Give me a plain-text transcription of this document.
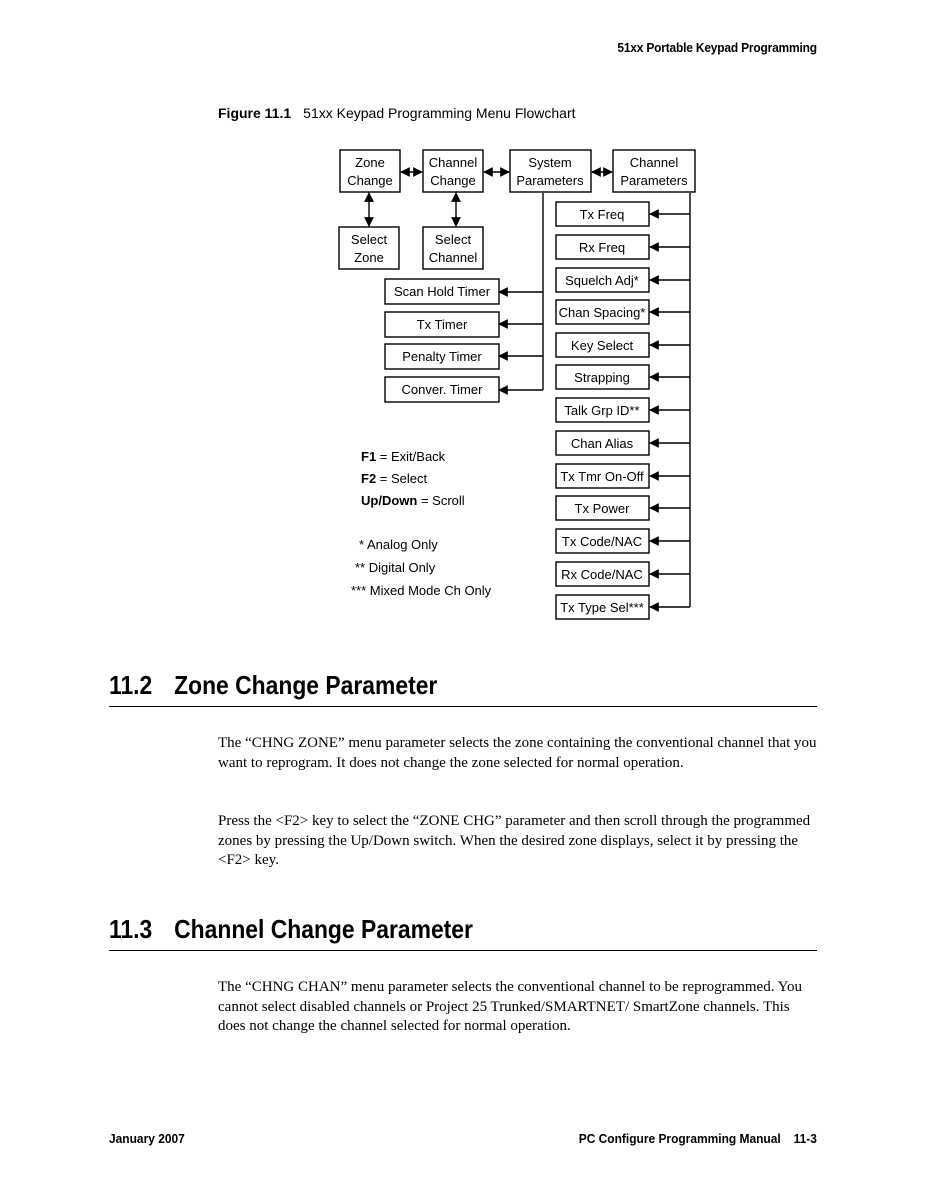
51xx Portable Keypad Programming
Figure 11.1 51xx Keypad Programming Menu Flowchart
Zone
Change
Channel
Change
System
Parameters
Channel
Parameters
Select
Zone
Select
Channel
Scan Hold Timer
Tx Timer
Penalty Timer
Conver. Timer
Tx Freq
Rx Freq
Squelch Adj*
Chan Spacing*
Key Select
Strapping
Talk Grp ID**
Chan Alias
Tx Tmr On-Off
Tx Power
Tx Code/NAC
Rx Code/NAC
Tx Type Sel***
F1 = Exit/Back
F2 = Select
Up/Down = Scroll
* Analog Only
** Digital Only
*** Mixed Mode Ch Only
11.2 Zone Change Parameter

The “CHNG ZONE” menu parameter selects the zone containing the conventional channel that you want to reprogram. It does not change the zone selected for normal operation.

Press the <F2> key to select the “ZONE CHG” parameter and then scroll through the programmed zones by pressing the Up/Down switch. When the desired zone displays, select it by pressing the <F2> key.

11.3 Channel Change Parameter

The “CHNG CHAN” menu parameter selects the conventional channel to be reprogrammed. You cannot select disabled channels or Project 25 Trunked/SMARTNET/ SmartZone channels. This does not change the channel selected for normal operation.

January 2007	PC Configure Programming Manual 11-3
